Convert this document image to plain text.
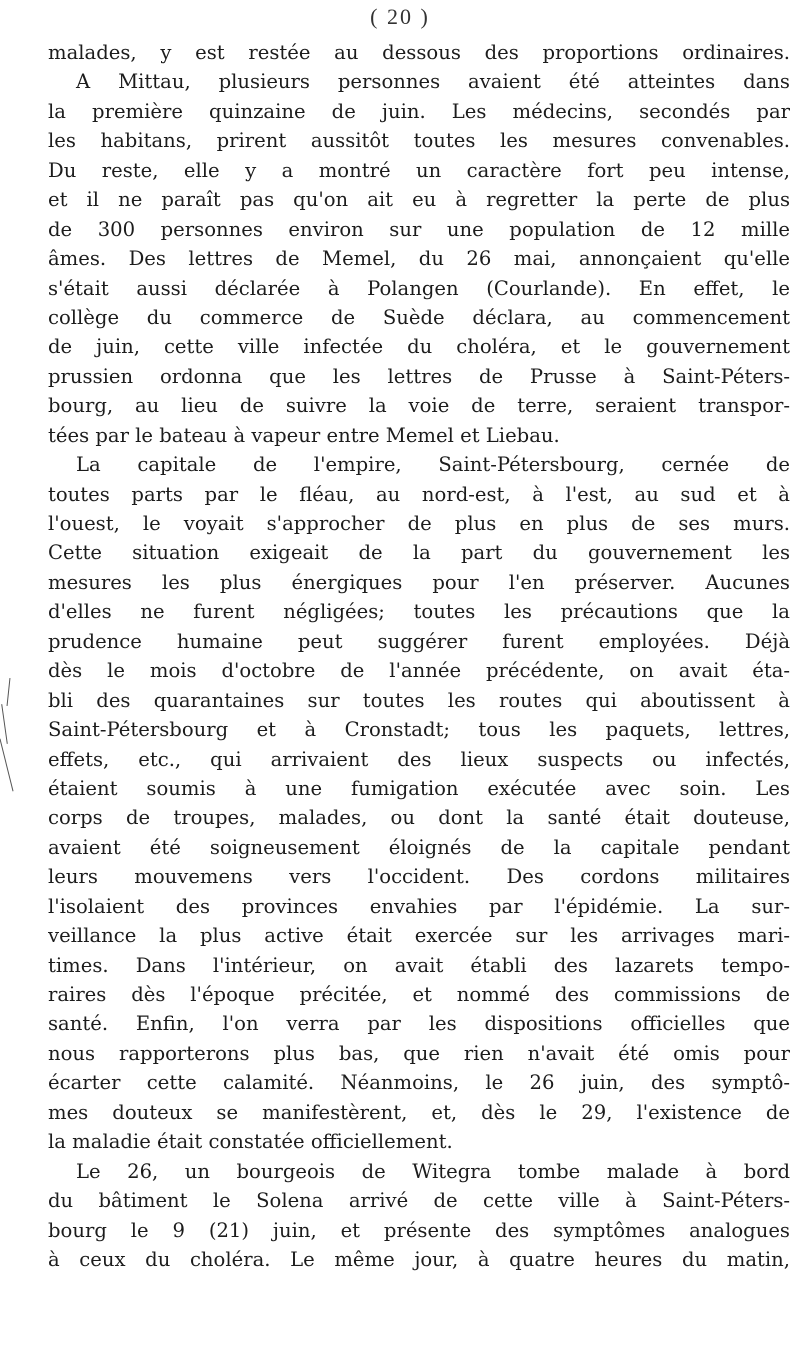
( 20 )
malades, y est restée au dessous des proportions ordinaires.
A Mittau, plusieurs personnes avaient été atteintes dans
la première quinzaine de juin. Les médecins, secondés par
les habitans, prirent aussitôt toutes les mesures convenables.
Du reste, elle y a montré un caractère fort peu intense,
et il ne paraît pas qu'on ait eu à regretter la perte de plus
de 300 personnes environ sur une population de 12 mille
âmes. Des lettres de Memel, du 26 mai, annonçaient qu'elle
s'était aussi déclarée à Polangen (Courlande). En effet, le
collège du commerce de Suède déclara, au commencement
de juin, cette ville infectée du choléra, et le gouvernement
prussien ordonna que les lettres de Prusse à Saint-Péters-
bourg, au lieu de suivre la voie de terre, seraient transpor-
tées par le bateau à vapeur entre Memel et Liebau.
La capitale de l'empire, Saint-Pétersbourg, cernée de
toutes parts par le fléau, au nord-est, à l'est, au sud et à
l'ouest, le voyait s'approcher de plus en plus de ses murs.
Cette situation exigeait de la part du gouvernement les
mesures les plus énergiques pour l'en préserver. Aucunes
d'elles ne furent négligées; toutes les précautions que la
prudence humaine peut suggérer furent employées. Déjà
dès le mois d'octobre de l'année précédente, on avait éta-
bli des quarantaines sur toutes les routes qui aboutissent à
Saint-Pétersbourg et à Cronstadt; tous les paquets, lettres,
effets, etc., qui arrivaient des lieux suspects ou infectés,
étaient soumis à une fumigation exécutée avec soin. Les
corps de troupes, malades, ou dont la santé était douteuse,
avaient été soigneusement éloignés de la capitale pendant
leurs mouvemens vers l'occident. Des cordons militaires
l'isolaient des provinces envahies par l'épidémie. La sur-
veillance la plus active était exercée sur les arrivages mari-
times. Dans l'intérieur, on avait établi des lazarets tempo-
raires dès l'époque précitée, et nommé des commissions de
santé. Enfin, l'on verra par les dispositions officielles que
nous rapporterons plus bas, que rien n'avait été omis pour
écarter cette calamité. Néanmoins, le 26 juin, des symptô-
mes douteux se manifestèrent, et, dès le 29, l'existence de
la maladie était constatée officiellement.
Le 26, un bourgeois de Witegra tombe malade à bord
du bâtiment le Solena arrivé de cette ville à Saint-Péters-
bourg le 9 (21) juin, et présente des symptômes analogues
à ceux du choléra. Le même jour, à quatre heures du matin,
